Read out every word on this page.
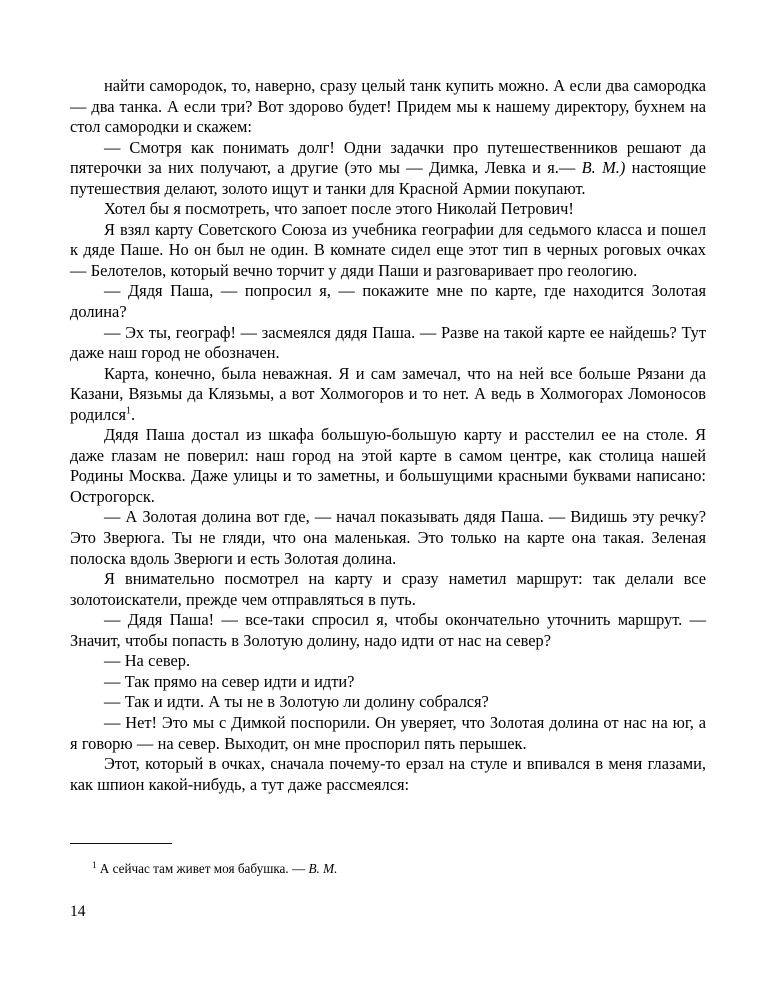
найти самородок, то, наверно, сразу целый танк купить можно. А если два самородка — два танка. А если три? Вот здорово будет! Придем мы к нашему директору, бухнем на стол самородки и скажем:

— Смотря как понимать долг! Одни задачки про путешественников решают да пятерочки за них получают, а другие (это мы — Димка, Левка и я.— В. М.) настоящие путешествия делают, золото ищут и танки для Красной Армии покупают.

Хотел бы я посмотреть, что запоет после этого Николай Петрович!

Я взял карту Советского Союза из учебника географии для седьмого класса и пошел к дяде Паше. Но он был не один. В комнате сидел еще этот тип в черных роговых очках — Белотелов, который вечно торчит у дяди Паши и разговаривает про геологию.

— Дядя Паша, — попросил я, — покажите мне по карте, где находится Золотая долина?

— Эх ты, географ! — засмеялся дядя Паша. — Разве на такой карте ее найдешь? Тут даже наш город не обозначен.

Карта, конечно, была неважная. Я и сам замечал, что на ней все больше Рязани да Казани, Вязьмы да Клязьмы, а вот Холмогоров и то нет. А ведь в Холмогорах Ломоносов родился$^1$.

Дядя Паша достал из шкафа большую-большую карту и расстелил ее на столе. Я даже глазам не поверил: наш город на этой карте в самом центре, как столица нашей Родины Москва. Даже улицы и то заметны, и большущими красными буквами написано: Острогорск.

— А Золотая долина вот где, — начал показывать дядя Паша. — Видишь эту речку? Это Зверюга. Ты не гляди, что она маленькая. Это только на карте она такая. Зеленая полоска вдоль Зверюги и есть Золотая долина.

Я внимательно посмотрел на карту и сразу наметил маршрут: так делали все золотоискатели, прежде чем отправляться в путь.

— Дядя Паша! — все-таки спросил я, чтобы окончательно уточнить маршрут. — Значит, чтобы попасть в Золотую долину, надо идти от нас на север?

— На север.

— Так прямо на север идти и идти?

— Так и идти. А ты не в Золотую ли долину собрался?

— Нет! Это мы с Димкой поспорили. Он уверяет, что Золотая долина от нас на юг, а я говорю — на север. Выходит, он мне проспорил пять перышек.

Этот, который в очках, сначала почему-то ерзал на стуле и впивался в меня глазами, как шпион какой-нибудь, а тут даже рассмеялся:

$^1$ А сейчас там живет моя бабушка. — В. М.

14
